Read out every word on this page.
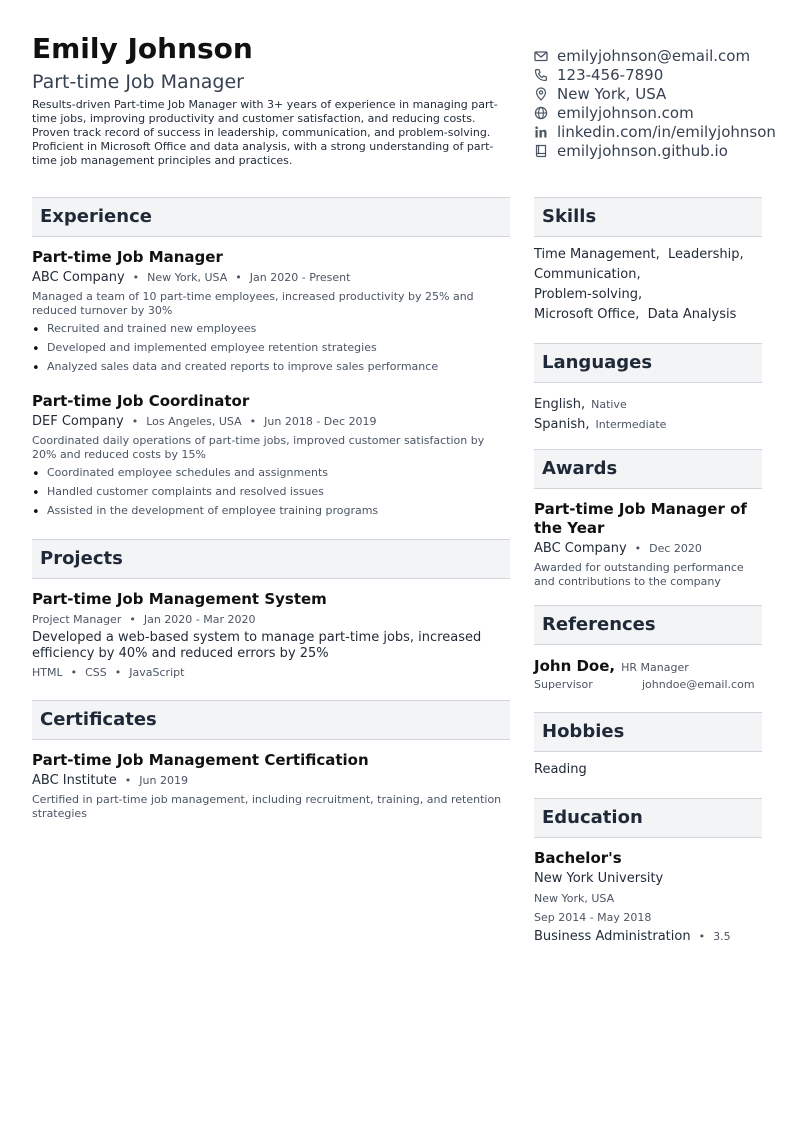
Emily Johnson
Part-time Job Manager
Results-driven Part-time Job Manager with 3+ years of experience in managing part-time jobs, improving productivity and customer satisfaction, and reducing costs. Proven track record of success in leadership, communication, and problem-solving. Proficient in Microsoft Office and data analysis, with a strong understanding of part-time job management principles and practices.
emilyjohnson@email.com
123-456-7890
New York, USA
emilyjohnson.com
linkedin.com/in/emilyjohnson
emilyjohnson.github.io
Experience
Part-time Job Manager
ABC Company • New York, USA • Jan 2020 - Present
Managed a team of 10 part-time employees, increased productivity by 25% and reduced turnover by 30%
• Recruited and trained new employees
• Developed and implemented employee retention strategies
• Analyzed sales data and created reports to improve sales performance
Part-time Job Coordinator
DEF Company • Los Angeles, USA • Jun 2018 - Dec 2019
Coordinated daily operations of part-time jobs, improved customer satisfaction by 20% and reduced costs by 15%
• Coordinated employee schedules and assignments
• Handled customer complaints and resolved issues
• Assisted in the development of employee training programs
Projects
Part-time Job Management System
Project Manager • Jan 2020 - Mar 2020
Developed a web-based system to manage part-time jobs, increased efficiency by 40% and reduced errors by 25%
HTML • CSS • JavaScript
Certificates
Part-time Job Management Certification
ABC Institute • Jun 2019
Certified in part-time job management, including recruitment, training, and retention strategies
Skills
Time Management,  Leadership,
Communication,
Problem-solving,
Microsoft Office,  Data Analysis
Languages
English, Native
Spanish, Intermediate
Awards
Part-time Job Manager of the Year
ABC Company • Dec 2020
Awarded for outstanding performance and contributions to the company
References
John Doe, HR Manager
Supervisor	johndoe@email.com
Hobbies
Reading
Education
Bachelor's
New York University
New York, USA
Sep 2014 - May 2018
Business Administration • 3.5
